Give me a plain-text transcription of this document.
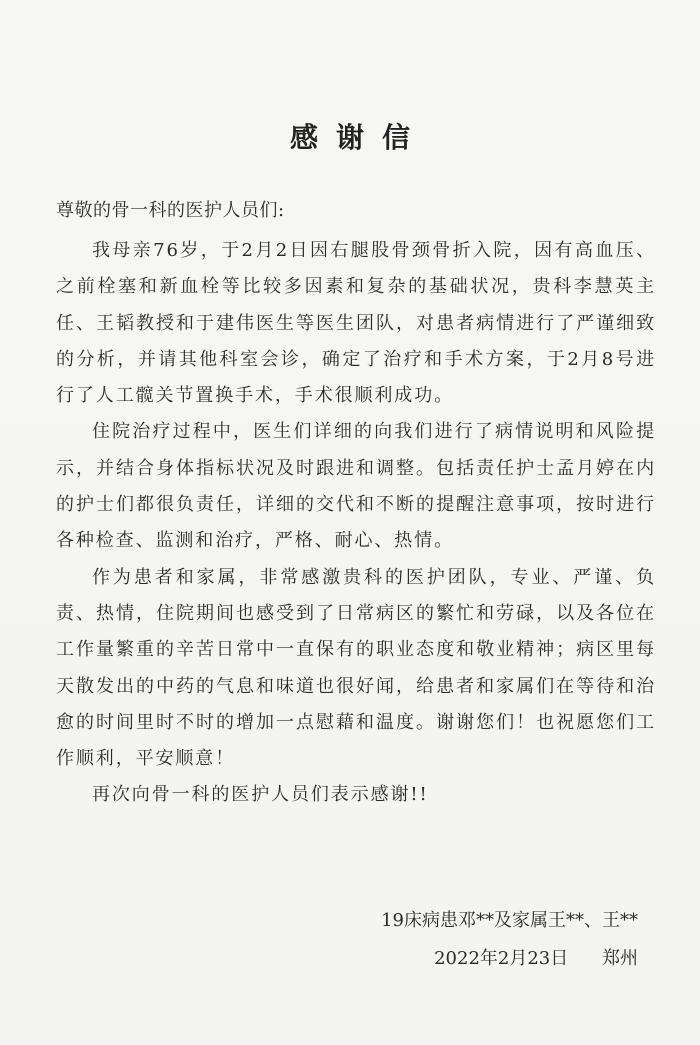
感谢信
尊敬的骨一科的医护人员们:

我母亲76岁，于2月2日因右腿股骨颈骨折入院，因有高血压、之前栓塞和新血栓等比较多因素和复杂的基础状况，贵科李慧英主任、王韬教授和于建伟医生等医生团队，对患者病情进行了严谨细致的分析，并请其他科室会诊，确定了治疗和手术方案，于2月8号进行了人工髋关节置换手术，手术很顺利成功。

住院治疗过程中，医生们详细的向我们进行了病情说明和风险提示，并结合身体指标状况及时跟进和调整。包括责任护士孟月婷在内的护士们都很负责任，详细的交代和不断的提醒注意事项，按时进行各种检查、监测和治疗，严格、耐心、热情。

作为患者和家属，非常感激贵科的医护团队，专业、严谨、负责、热情，住院期间也感受到了日常病区的繁忙和劳碌，以及各位在工作量繁重的辛苦日常中一直保有的职业态度和敬业精神；病区里每天散发出的中药的气息和味道也很好闻，给患者和家属们在等待和治愈的时间里时不时的增加一点慰藉和温度。谢谢您们！也祝愿您们工作顺利，平安顺意！

再次向骨一科的医护人员们表示感谢!!

19床病患邓**及家属王**、王**
2022年2月23日 郑州
